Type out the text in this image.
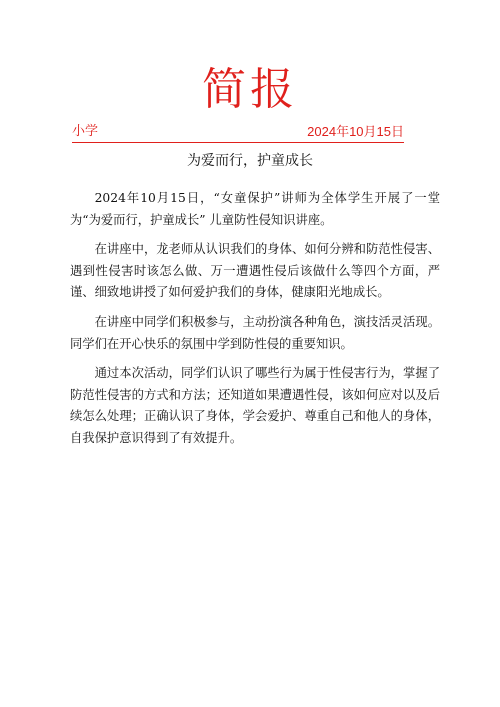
简报
小学	2024年10月15日
为爱而行，护童成长

2024年10月15日，“女童保护”讲师为全体学生开展了一堂为“为爱而行，护童成长” 儿童防性侵知识讲座。

在讲座中，龙老师从认识我们的身体、如何分辨和防范性侵害、遇到性侵害时该怎么做、万一遭遇性侵后该做什么等四个方面，严谨、细致地讲授了如何爱护我们的身体，健康阳光地成长。

在讲座中同学们积极参与，主动扮演各种角色，演技活灵活现。同学们在开心快乐的氛围中学到防性侵的重要知识。

通过本次活动，同学们认识了哪些行为属于性侵害行为，掌握了防范性侵害的方式和方法；还知道如果遭遇性侵，该如何应对以及后续怎么处理；正确认识了身体，学会爱护、尊重自己和他人的身体，自我保护意识得到了有效提升。
